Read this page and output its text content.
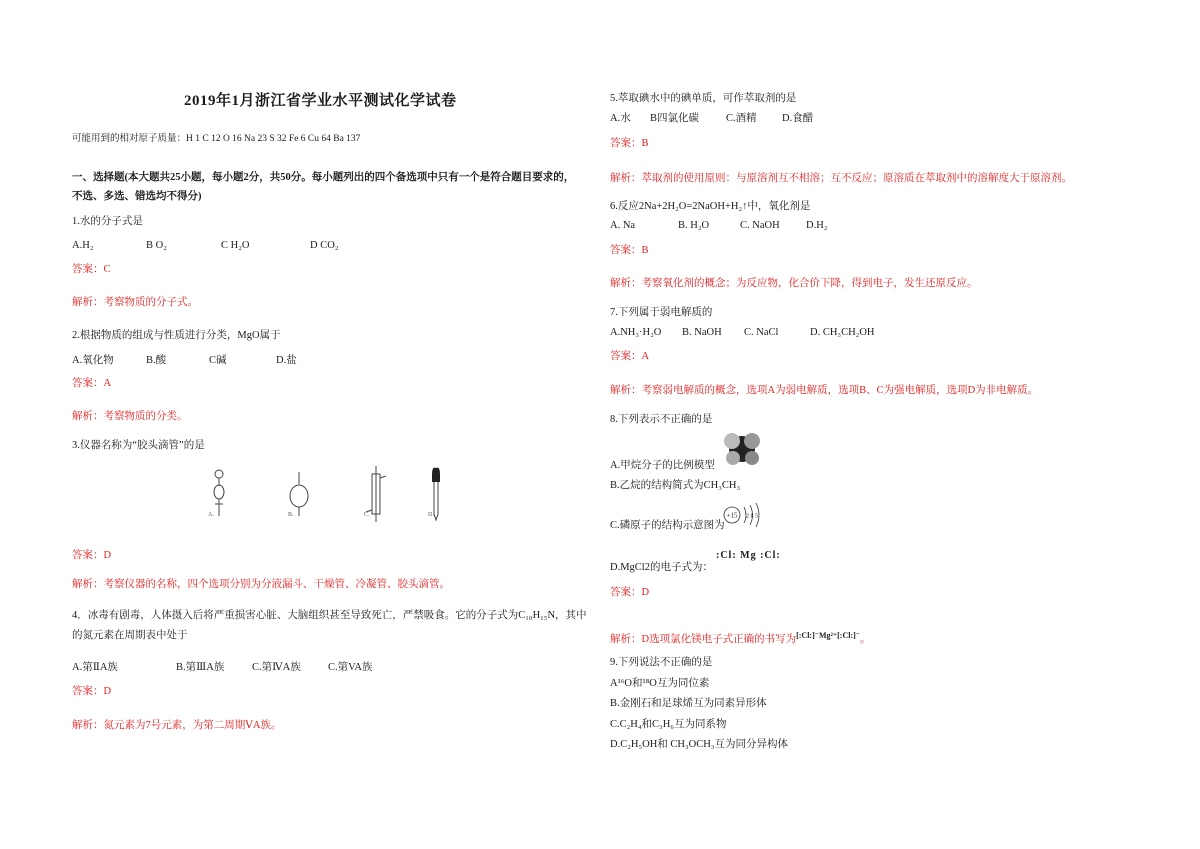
2019年1月浙江省学业水平测试化学试卷
可能用到的相对原子质量：H 1 C 12 O 16 Na 23 S 32 Fe 6 Cu 64 Ba 137
一、选择题(本大题共25小题，每小题2分，共50分。每小题列出的四个备选项中只有一个是符合题目要求的，
不选、多选、错选均不得分)
1.水的分子式是
A.H₂	B O₂	C H₂O	D CO₂
答案：C
解析：考察物质的分子式。
2.根据物质的组成与性质进行分类，MgO属于
A.氧化物	B.酸	C碱	D.盐
答案：A
解析：考察物质的分类。
3.仪器名称为“胶头滴管”的是
A.	B.	C.	D.
答案：D
解析：考察仪器的名称，四个选项分别为分液漏斗、干燥管、冷凝管、胶头滴管。
4．冰毒有剧毒，人体摄入后将严重损害心脏、大脑组织甚至导致死亡，严禁吸食。它的分子式为C₁₀H₁₅N，其中
的氮元素在周期表中处于
A.第ⅡA族	B.第ⅢA族	C.第ⅣA族	C.第VA族
答案：D
解析：氮元素为7号元素，为第二周期ⅤA族。
5.萃取碘水中的碘单质，可作萃取剂的是
A.水 B四氯化碳	C.酒精 D.食醋
答案：B
解析：萃取剂的使用原则：与原溶剂互不相溶；互不反应；原溶质在萃取剂中的溶解度大于原溶剂。
6.反应2Na+2H₂O=2NaOH+H₂↑中，氧化剂是
A. Na	B. H₂O	C. NaOH	D.H₂
答案：B
解析：考察氧化剂的概念；为反应物，化合价下降，得到电子，发生还原反应。
7.下列属于弱电解质的
A.NH₃·H₂O B. NaOH C. NaCl	D. CH₃CH₂OH
答案：A
解析：考察弱电解质的概念，选项A为弱电解质，选项B、C为强电解质，选项D为非电解质。
8.下列表示不正确的是
A.甲烷分子的比例模型
B.乙烷的结构简式为CH₃CH₃
C.磷原子的结构示意图为
+15 2 8 5
D.MgCl2的电子式为：
:Cl: Mg :Cl:
答案：D
解析：D选项氯化镁电子式正确的书写为$^{[:Cl:]^-Mg^{2+}[:Cl:]^-}$。
9.下列说法不正确的是
A¹⁶O和¹⁸O互为同位素
B.金刚石和足球烯互为同素异形体
C.C₂H₄和C₃H₆互为同系物
D.C₂H₅OH和 CH₃OCH₃互为同分异构体
